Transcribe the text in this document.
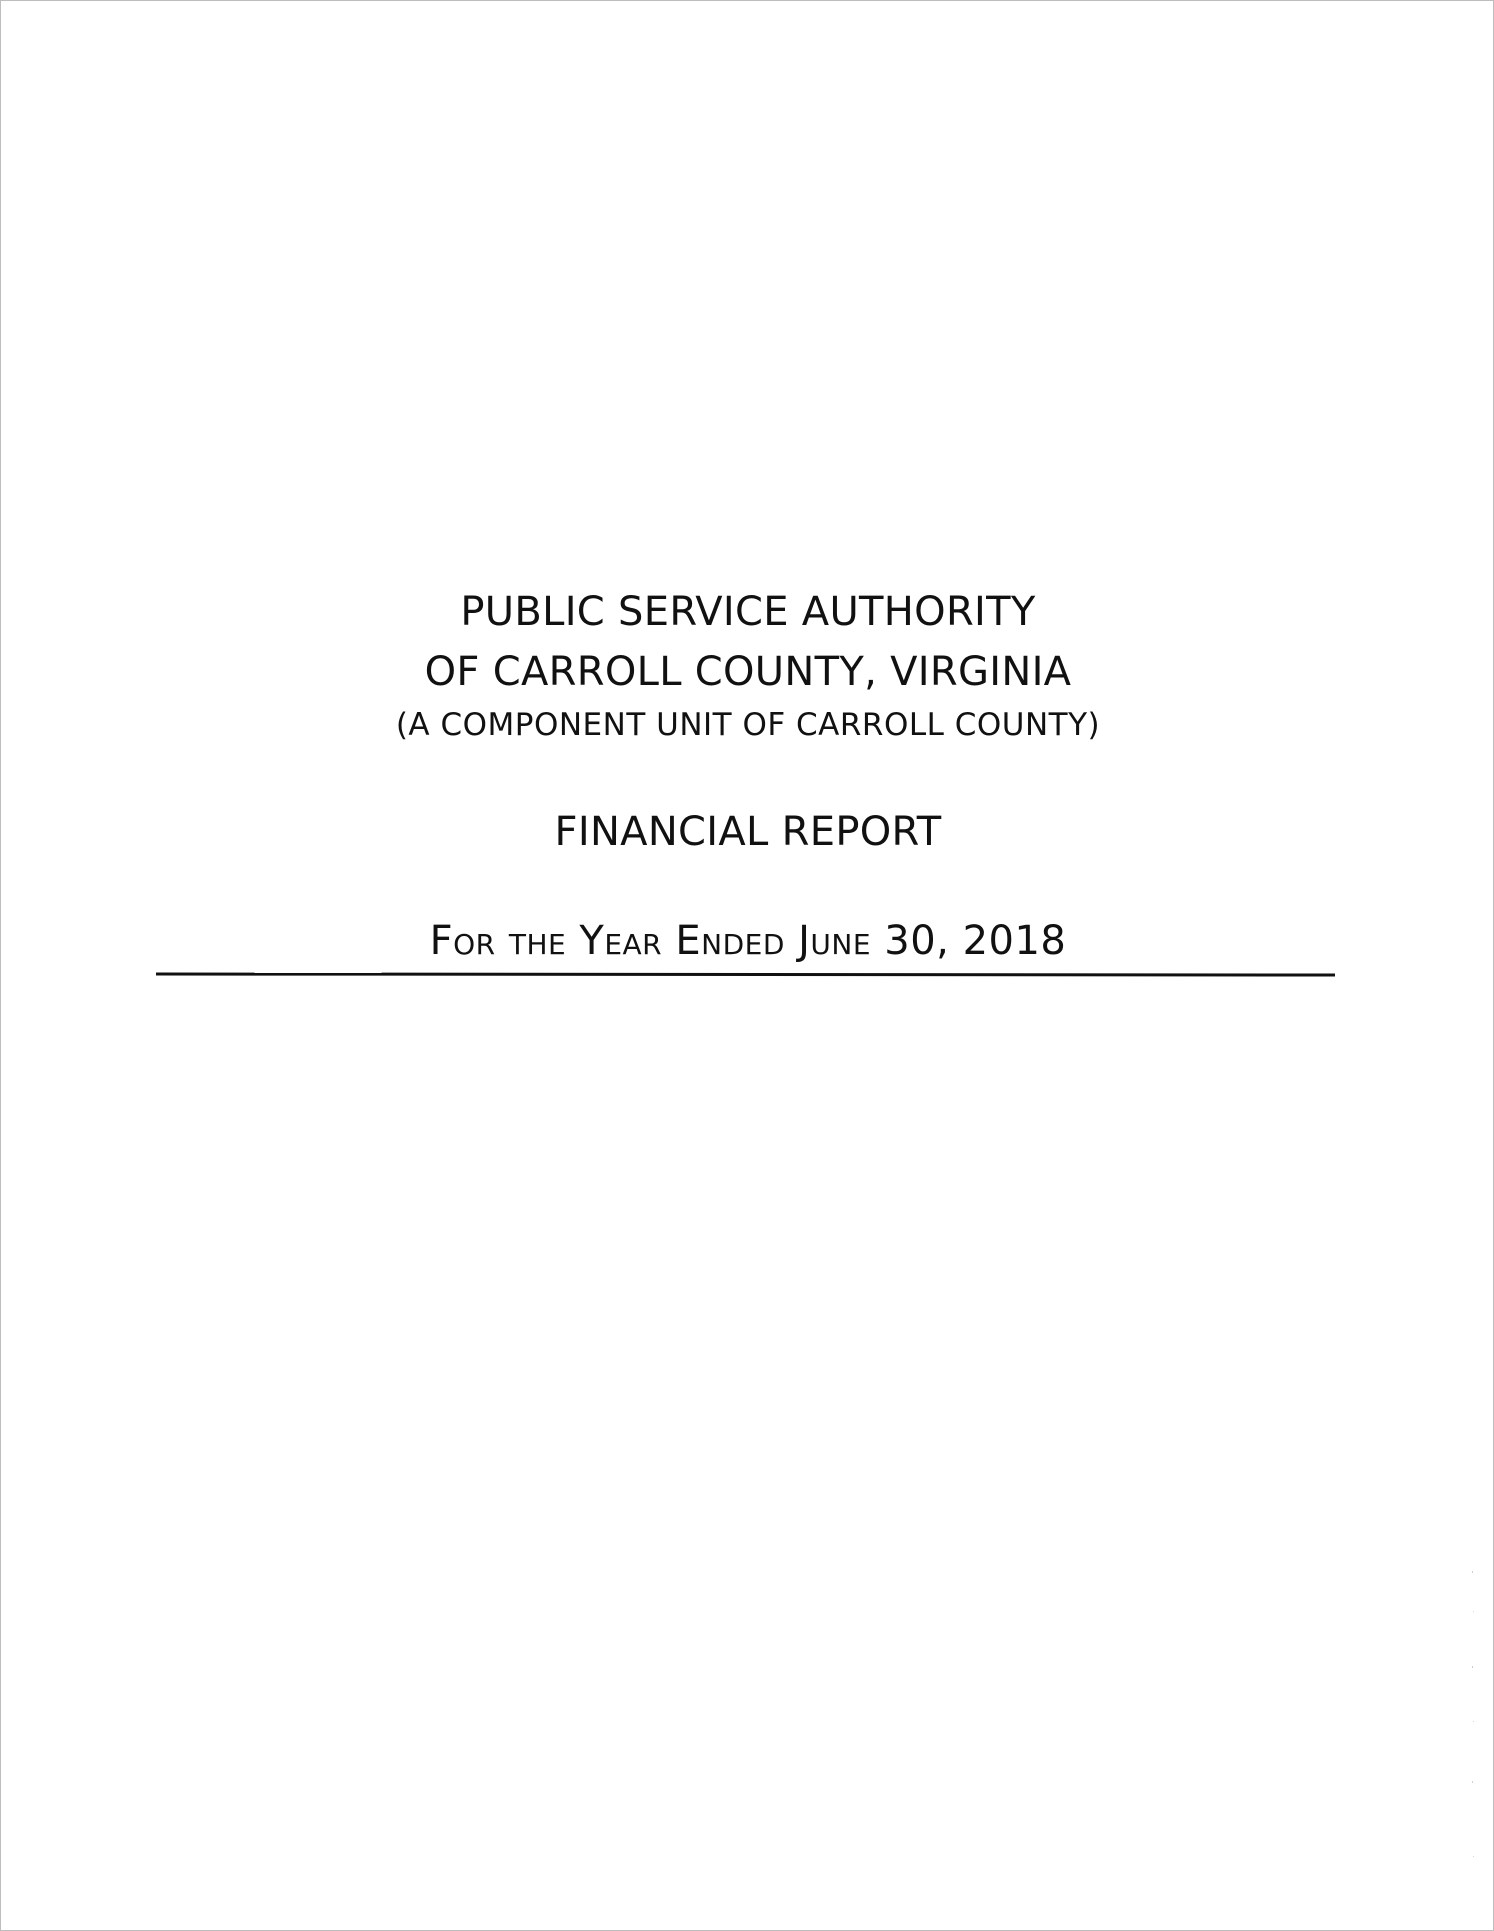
PUBLIC SERVICE AUTHORITY
OF CARROLL COUNTY, VIRGINIA
(A COMPONENT UNIT OF CARROLL COUNTY)
FINANCIAL REPORT
For the Year Ended June 30, 2018
